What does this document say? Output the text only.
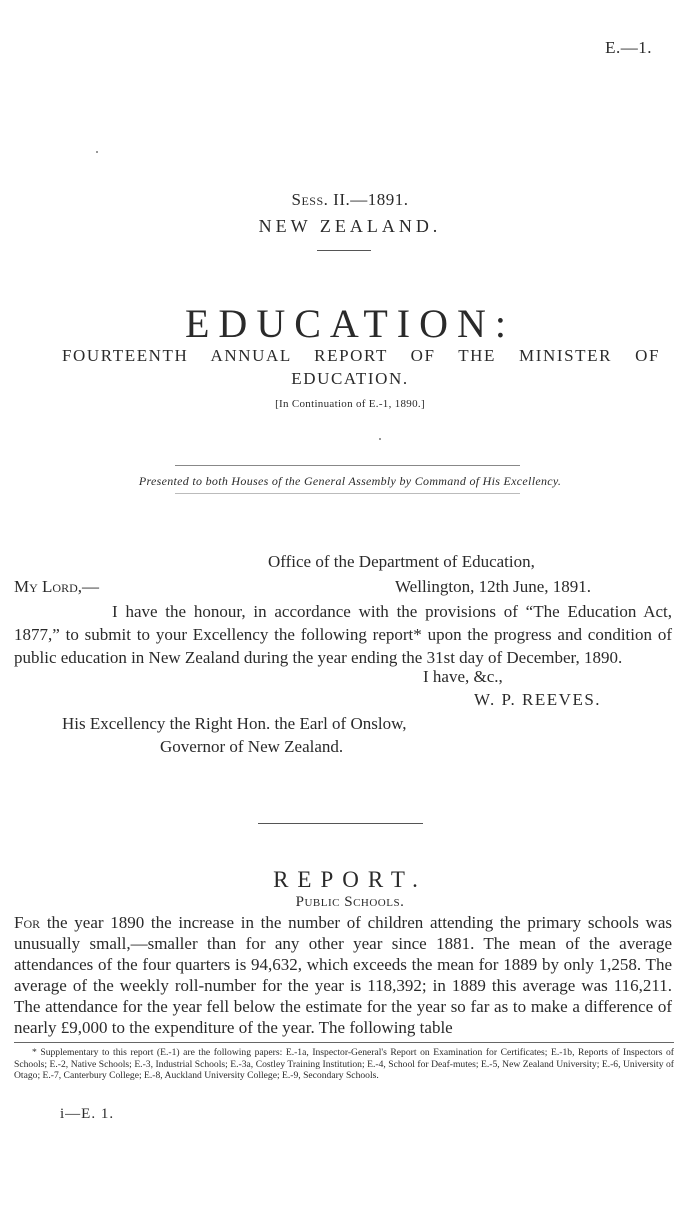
E.—1.
Sess. II.—1891.
NEW ZEALAND.
EDUCATION:
FOURTEENTH ANNUAL REPORT OF THE MINISTER OF
EDUCATION.
[In Continuation of E.-1, 1890.]
Presented to both Houses of the General Assembly by Command of His Excellency.
Office of the Department of Education,
My Lord,—	Wellington, 12th June, 1891.

I have the honour, in accordance with the provisions of “The Education Act, 1877,” to submit to your Excellency the following report* upon the progress and condition of public education in New Zealand during the year ending the 31st day of December, 1890.

I have, &c.,
W. P. REEVES.
His Excellency the Right Hon. the Earl of Onslow,
Governor of New Zealand.
REPORT.
Public Schools.

For the year 1890 the increase in the number of children attending the primary schools was unusually small,—smaller than for any other year since 1881. The mean of the average attendances of the four quarters is 94,632, which exceeds the mean for 1889 by only 1,258. The average of the weekly roll-number for the year is 118,392; in 1889 this average was 116,211. The attendance for the year fell below the estimate for the year so far as to make a difference of nearly £9,000 to the expenditure of the year. The following table

* Supplementary to this report (E.-1) are the following papers: E.-1a, Inspector-General's Report on Examination for Certificates; E.-1b, Reports of Inspectors of Schools; E.-2, Native Schools; E.-3, Industrial Schools; E.-3a, Costley Training Institution; E.-4, School for Deaf-mutes; E.-5, New Zealand University; E.-6, University of Otago; E.-7, Canterbury College; E.-8, Auckland University College; E.-9, Secondary Schools.

i—E. 1.
